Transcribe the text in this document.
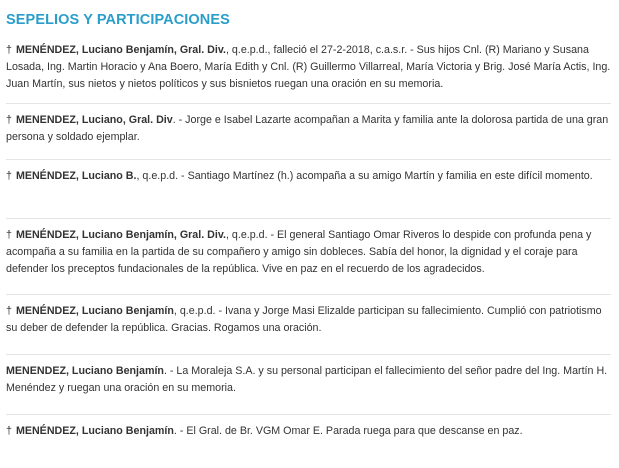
SEPELIOS Y PARTICIPACIONES

† MENÉNDEZ, Luciano Benjamín, Gral. Div., q.e.p.d., falleció el 27-2-2018, c.a.s.r. - Sus hijos Cnl. (R) Mariano y Susana Losada, Ing. Martin Horacio y Ana Boero, María Edith y Cnl. (R) Guillermo Villarreal, María Victoria y Brig. José María Actis, Ing. Juan Martín, sus nietos y nietos políticos y sus bisnietos ruegan una oración en su memoria.

† MENENDEZ, Luciano, Gral. Div. - Jorge e Isabel Lazarte acompañan a Marita y familia ante la dolorosa partida de una gran persona y soldado ejemplar.

† MENÉNDEZ, Luciano B., q.e.p.d. - Santiago Martínez (h.) acompaña a su amigo Martín y familia en este difícil momento.

† MENÉNDEZ, Luciano Benjamín, Gral. Div., q.e.p.d. - El general Santiago Omar Riveros lo despide con profunda pena y acompaña a su familia en la partida de su compañero y amigo sin dobleces. Sabía del honor, la dignidad y el coraje para defender los preceptos fundacionales de la república. Vive en paz en el recuerdo de los agradecidos.

† MENÉNDEZ, Luciano Benjamín, q.e.p.d. - Ivana y Jorge Masi Elizalde participan su fallecimiento. Cumplió con patriotismo su deber de defender la república. Gracias. Rogamos una oración.

MENENDEZ, Luciano Benjamín. - La Moraleja S.A. y su personal participan el fallecimiento del señor padre del Ing. Martín H. Menéndez y ruegan una oración en su memoria.

† MENÉNDEZ, Luciano Benjamín. - El Gral. de Br. VGM Omar E. Parada ruega para que descanse en paz.
